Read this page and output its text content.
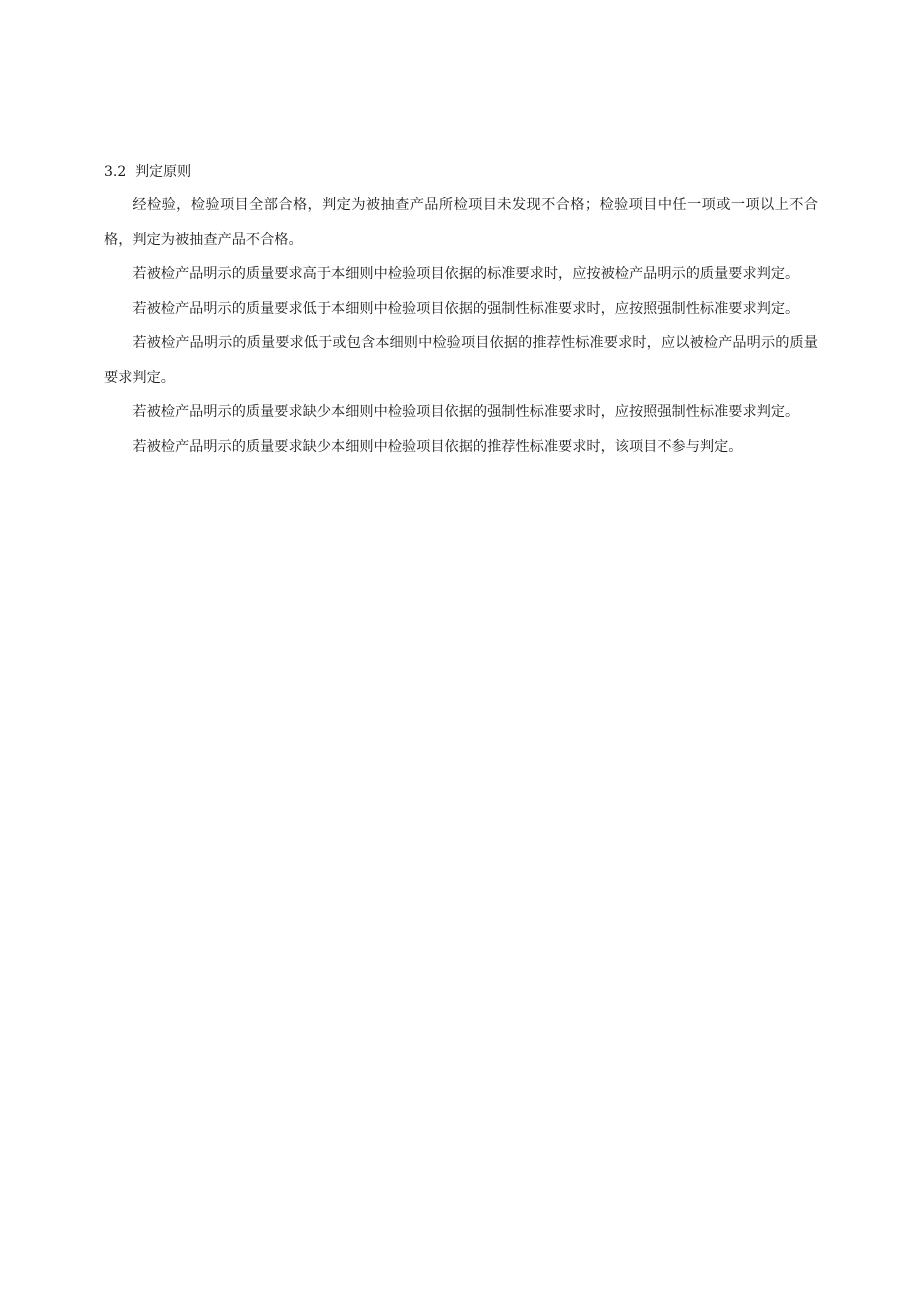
3.2  判定原则

经检验，检验项目全部合格，判定为被抽查产品所检项目未发现不合格；检验项目中任一项或一项以上不合格，判定为被抽查产品不合格。

若被检产品明示的质量要求高于本细则中检验项目依据的标准要求时，应按被检产品明示的质量要求判定。

若被检产品明示的质量要求低于本细则中检验项目依据的强制性标准要求时，应按照强制性标准要求判定。

若被检产品明示的质量要求低于或包含本细则中检验项目依据的推荐性标准要求时，应以被检产品明示的质量要求判定。

若被检产品明示的质量要求缺少本细则中检验项目依据的强制性标准要求时，应按照强制性标准要求判定。

若被检产品明示的质量要求缺少本细则中检验项目依据的推荐性标准要求时，该项目不参与判定。
